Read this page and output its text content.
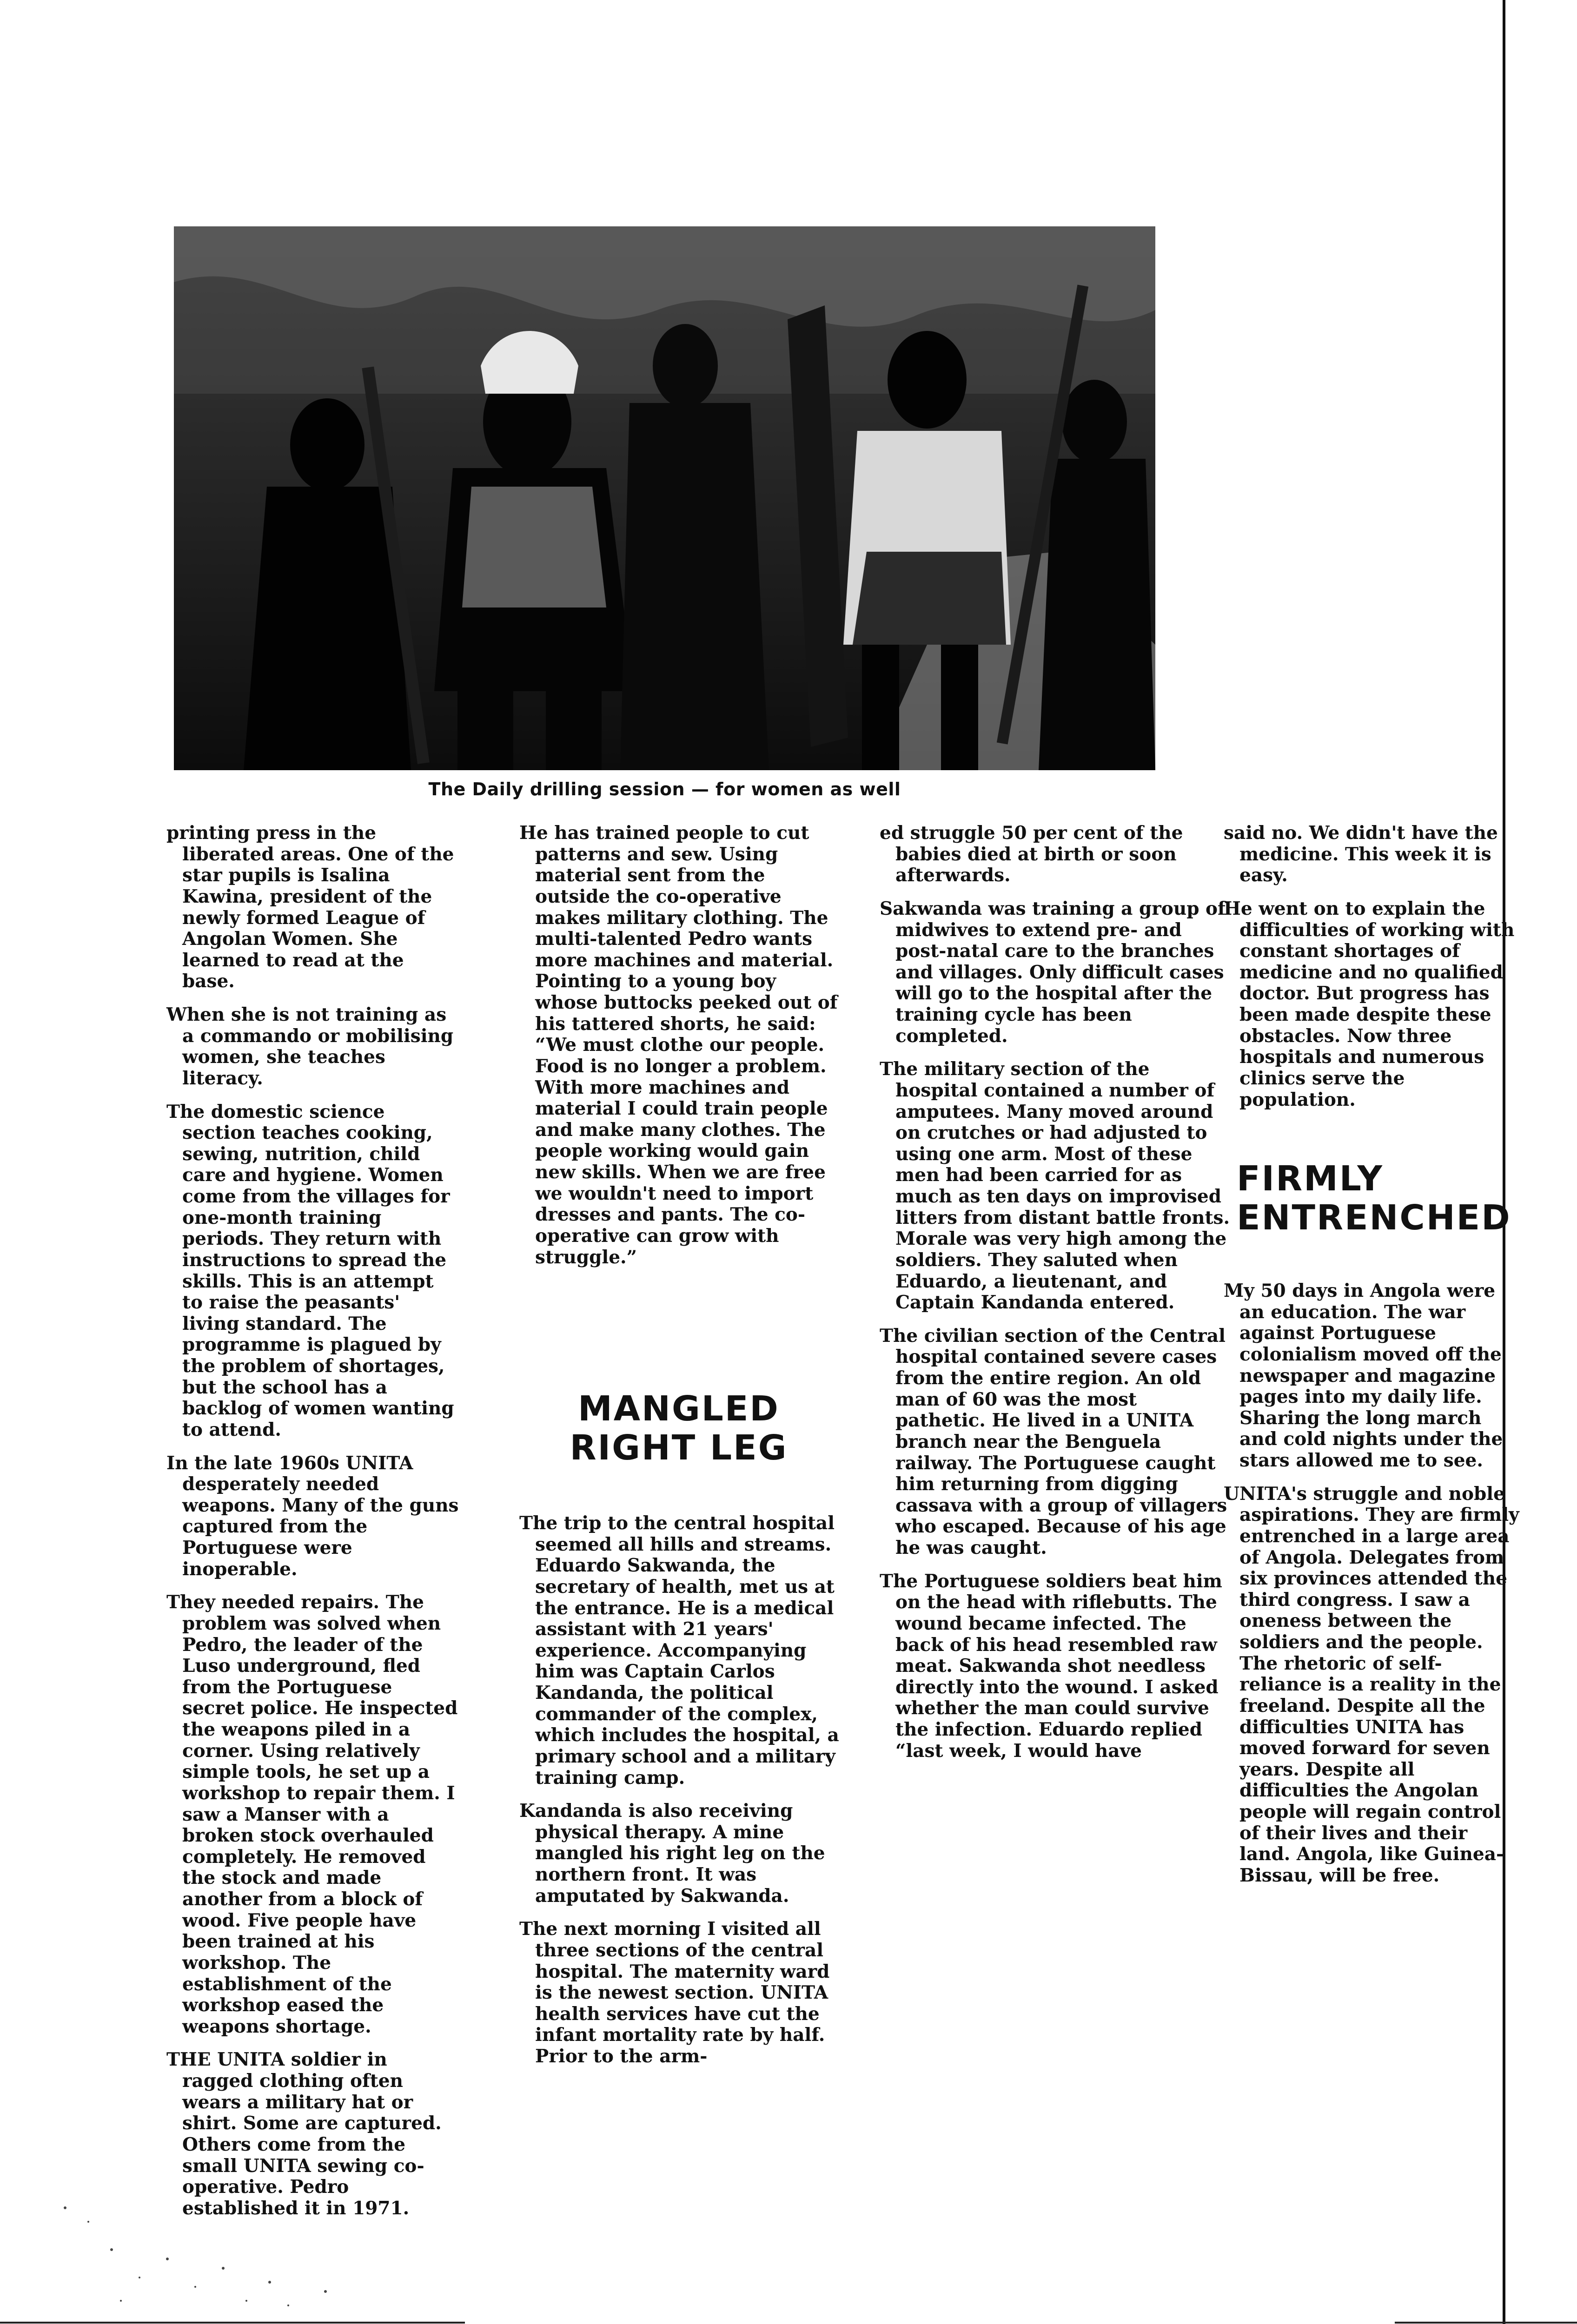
The Daily drilling session — for women as well

printing press in the liberated areas. One of the star pupils is Isalina Kawina, president of the newly formed League of Angolan Women. She learned to read at the base.

When she is not training as a commando or mobilising women, she teaches literacy.

The domestic science section teaches cooking, sewing, nutrition, child care and hygiene. Women come from the villages for one-month training periods. They return with instructions to spread the skills. This is an attempt to raise the peasants' living standard. The programme is plagued by the problem of shortages, but the school has a backlog of women wanting to attend.

In the late 1960s UNITA desperately needed weapons. Many of the guns captured from the Portuguese were inoperable.

They needed repairs. The problem was solved when Pedro, the leader of the Luso underground, fled from the Portuguese secret police. He inspected the weapons piled in a corner. Using relatively simple tools, he set up a workshop to repair them. I saw a Manser with a broken stock overhauled completely. He removed the stock and made another from a block of wood. Five people have been trained at his workshop. The establishment of the workshop eased the weapons shortage.

THE UNITA soldier in ragged clothing often wears a military hat or shirt. Some are captured. Others come from the small UNITA sewing co-operative. Pedro established it in 1971.

He has trained people to cut patterns and sew. Using material sent from the outside the co-operative makes military clothing. The multi-talented Pedro wants more machines and material. Pointing to a young boy whose buttocks peeked out of his tattered shorts, he said: “We must clothe our people. Food is no longer a problem. With more machines and material I could train people and make many clothes. The people working would gain new skills. When we are free we wouldn't need to import dresses and pants. The co-operative can grow with struggle.”

MANGLED RIGHT LEG

The trip to the central hospital seemed all hills and streams. Eduardo Sakwanda, the secretary of health, met us at the entrance. He is a medical assistant with 21 years' experience. Accompanying him was Captain Carlos Kandanda, the political commander of the complex, which includes the hospital, a primary school and a military training camp.

Kandanda is also receiving physical therapy. A mine mangled his right leg on the northern front. It was amputated by Sakwanda.

The next morning I visited all three sections of the central hospital. The maternity ward is the newest section. UNITA health services have cut the infant mortality rate by half. Prior to the arm-

ed struggle 50 per cent of the babies died at birth or soon afterwards.

Sakwanda was training a group of midwives to extend pre- and post-natal care to the branches and villages. Only difficult cases will go to the hospital after the training cycle has been completed.

The military section of the hospital contained a number of amputees. Many moved around on crutches or had adjusted to using one arm. Most of these men had been carried for as much as ten days on improvised litters from distant battle fronts. Morale was very high among the soldiers. They saluted when Eduardo, a lieutenant, and Captain Kandanda entered.

The civilian section of the Central hospital contained severe cases from the entire region. An old man of 60 was the most pathetic. He lived in a UNITA branch near the Benguela railway. The Portuguese caught him returning from digging cassava with a group of villagers who escaped. Because of his age he was caught.

The Portuguese soldiers beat him on the head with riflebutts. The wound became infected. The back of his head resembled raw meat. Sakwanda shot needless directly into the wound. I asked whether the man could survive the infection. Eduardo replied “last week, I would have

said no. We didn't have the medicine. This week it is easy.

He went on to explain the difficulties of working with constant shortages of medicine and no qualified doctor. But progress has been made despite these obstacles. Now three hospitals and numerous clinics serve the population.

FIRMLY ENTRENCHED

My 50 days in Angola were an education. The war against Portuguese colonialism moved off the newspaper and magazine pages into my daily life. Sharing the long march and cold nights under the stars allowed me to see.

UNITA's struggle and noble aspirations. They are firmly entrenched in a large area of Angola. Delegates from six provinces attended the third congress. I saw a oneness between the soldiers and the people. The rhetoric of self-reliance is a reality in the freeland. Despite all the difficulties UNITA has moved forward for seven years. Despite all difficulties the Angolan people will regain control of their lives and their land. Angola, like Guinea-Bissau, will be free.
